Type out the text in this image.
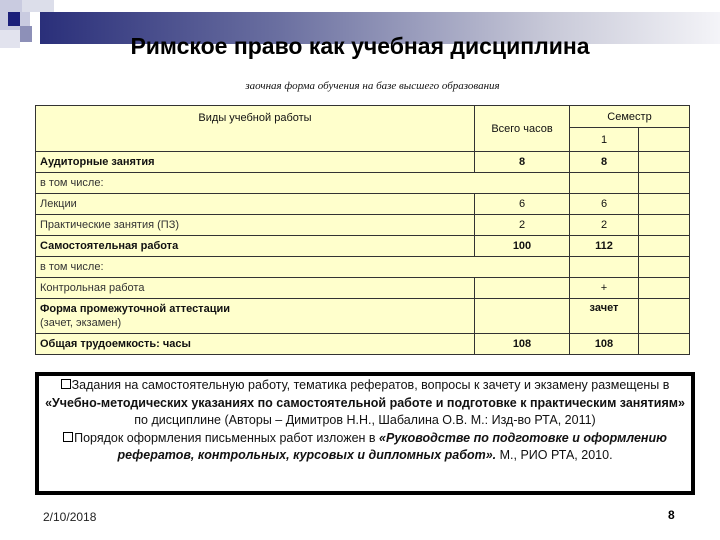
Римское право как учебная дисциплина
заочная форма обучения на базе высшего образования
Виды учебной работы	Всего часов	Семестр	
		1	
Аудиторные занятия	8	8	
в том числе:			
Лекции	6	6	
Практические занятия (ПЗ)	2	2	
Самостоятельная работа	100	112	
в том числе:			
Контрольная работа		+	
Форма промежуточной аттестации
(зачет, экзамен)		зачет	
Общая трудоемкость: часы	108	108	
Задания на самостоятельную работу, тематика рефератов, вопросы к зачету и экзамену размещены в «Учебно-методических указаниях по самостоятельной работе и подготовке к практическим занятиям» по дисциплине (Авторы – Димитров Н.Н., Шабалина О.В. М.: Изд-во РТА, 2011)
Порядок оформления письменных работ изложен в «Руководстве по подготовке и оформлению рефератов, контрольных, курсовых и дипломных работ». М., РИО РТА, 2010.
2/10/2018	8
